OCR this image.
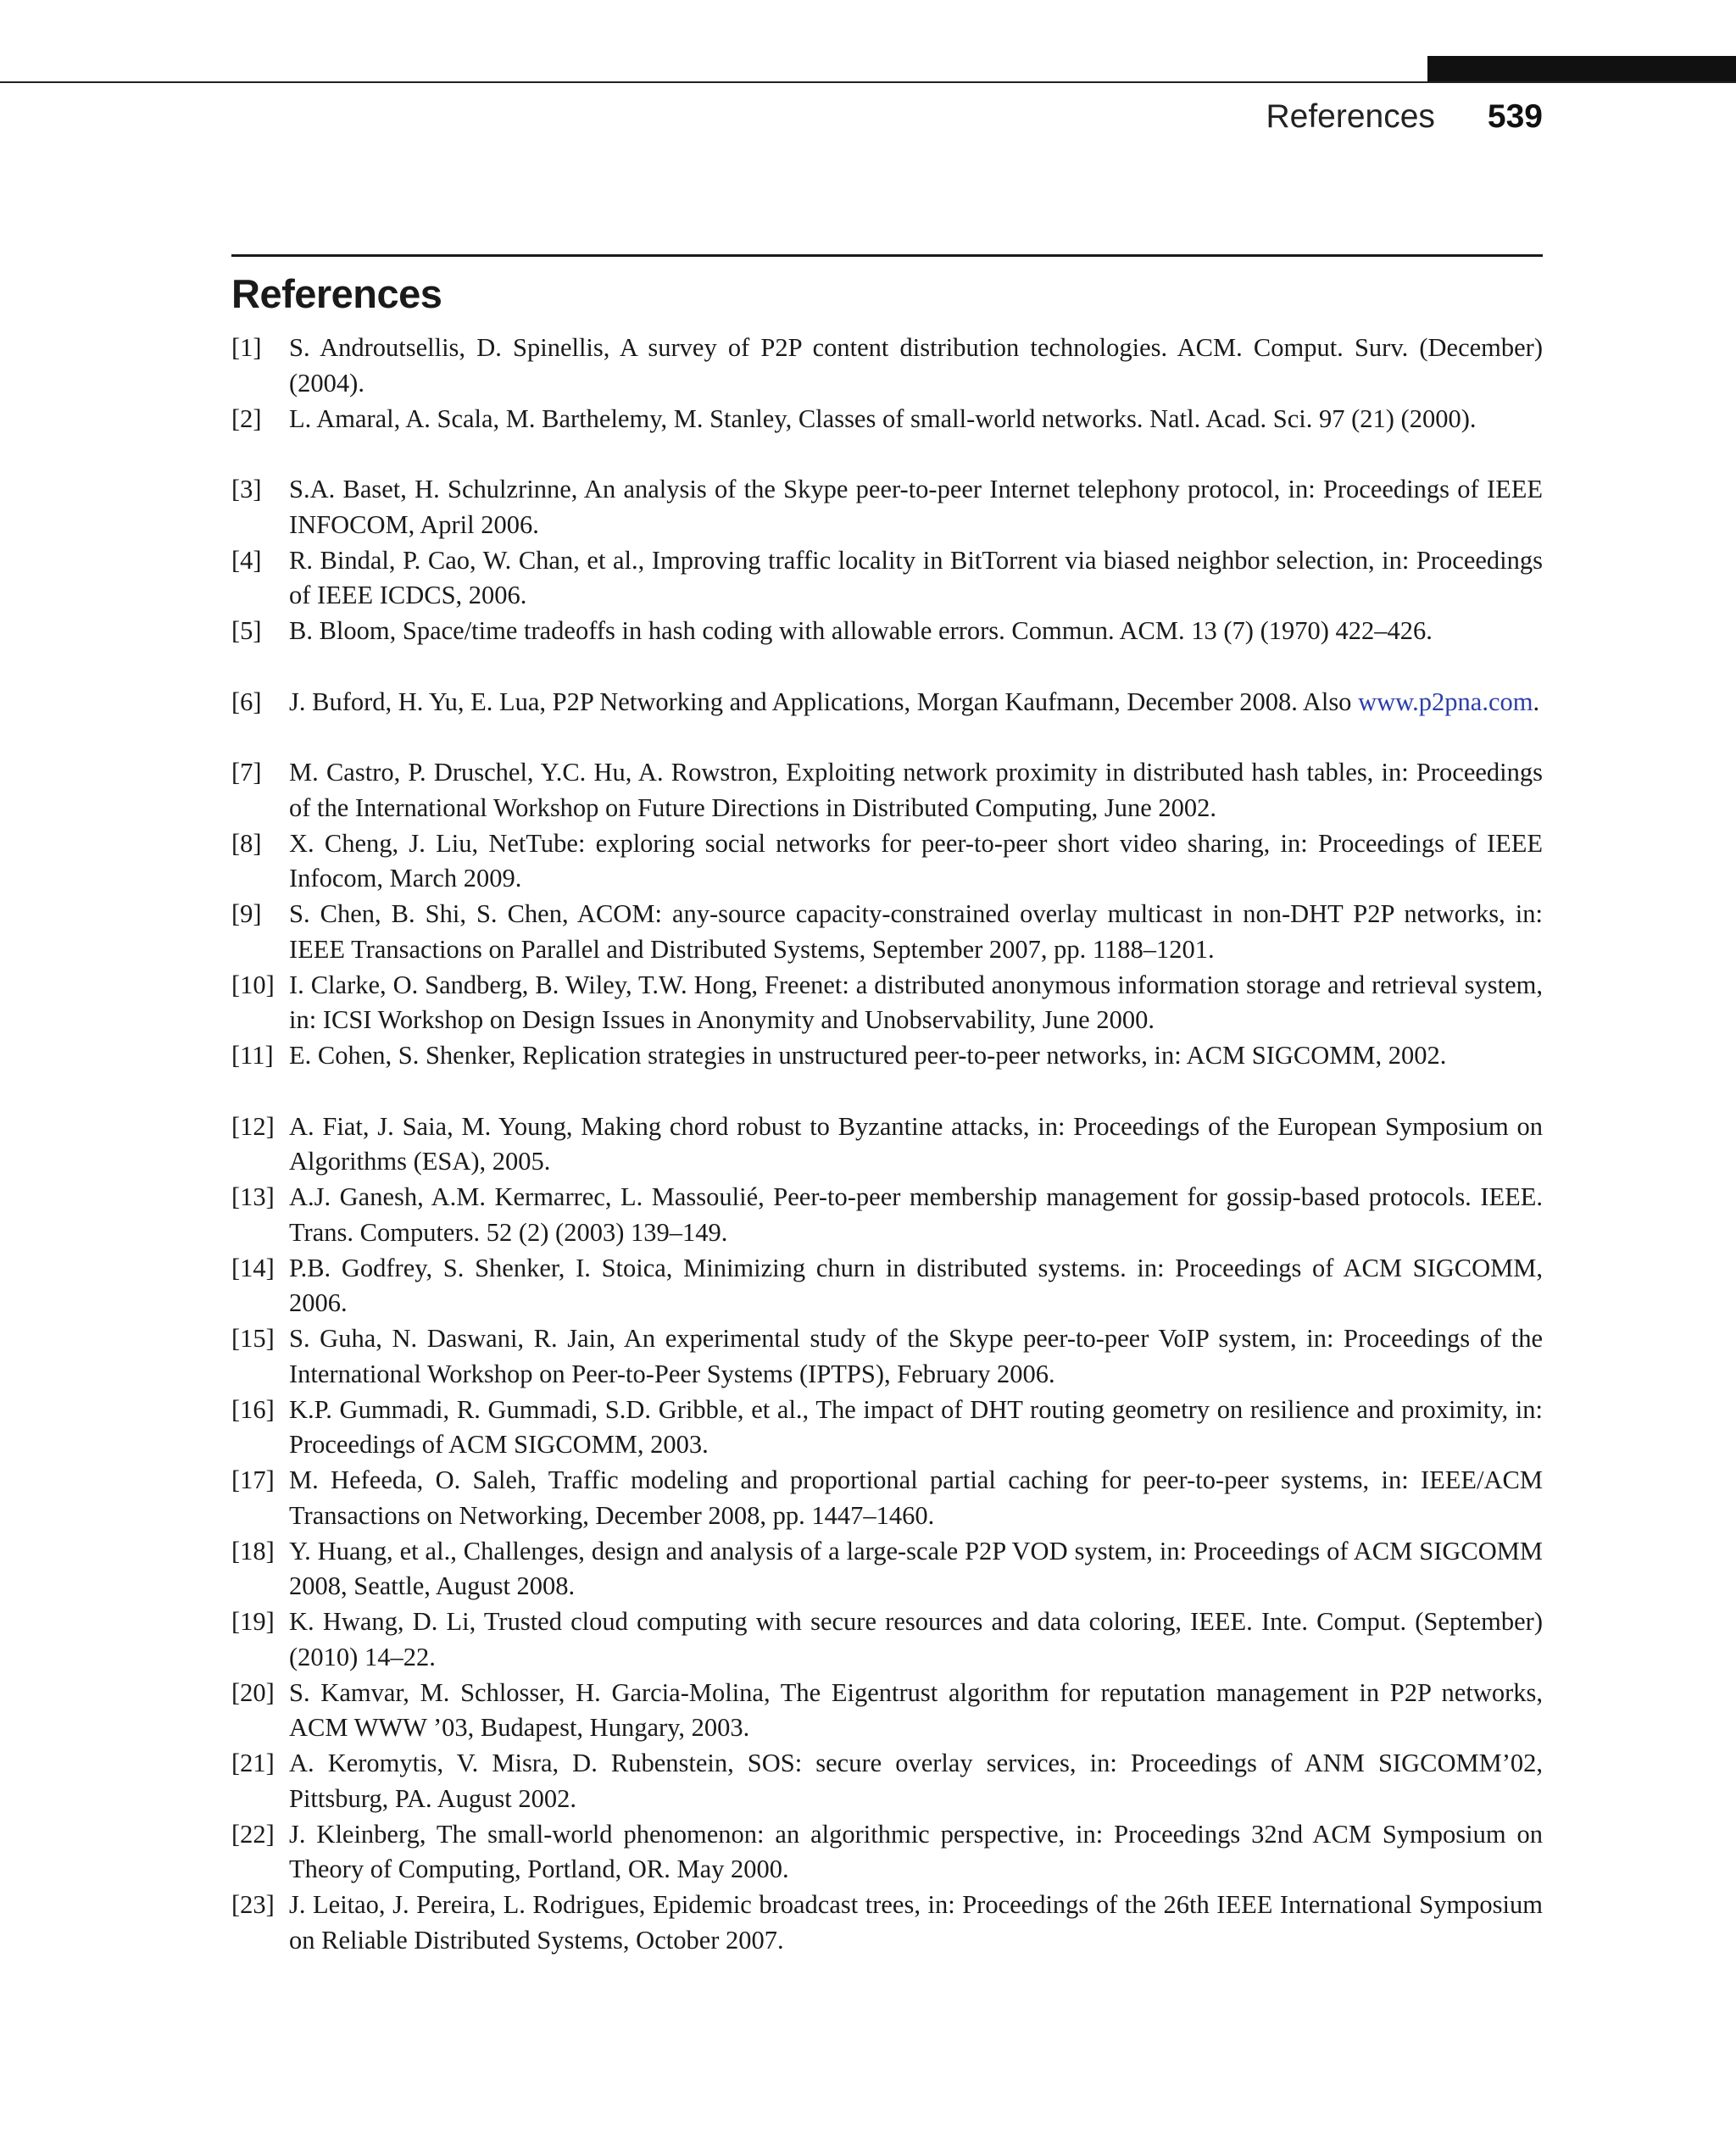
References 539
References
[1]	S. Androutsellis, D. Spinellis, A survey of P2P content distribution technologies. ACM. Comput. Surv. (December) (2004).
[2]	L. Amaral, A. Scala, M. Barthelemy, M. Stanley, Classes of small-world networks. Natl. Acad. Sci. 97 (21) (2000).
[3]	S.A. Baset, H. Schulzrinne, An analysis of the Skype peer-to-peer Internet telephony protocol, in: Proceedings of IEEE INFOCOM, April 2006.
[4]	R. Bindal, P. Cao, W. Chan, et al., Improving traffic locality in BitTorrent via biased neighbor selection, in: Proceedings of IEEE ICDCS, 2006.
[5]	B. Bloom, Space/time tradeoffs in hash coding with allowable errors. Commun. ACM. 13 (7) (1970) 422–426.
[6]	J. Buford, H. Yu, E. Lua, P2P Networking and Applications, Morgan Kaufmann, December 2008. Also www.p2pna.com.
[7]	M. Castro, P. Druschel, Y.C. Hu, A. Rowstron, Exploiting network proximity in distributed hash tables, in: Proceedings of the International Workshop on Future Directions in Distributed Computing, June 2002.
[8]	X. Cheng, J. Liu, NetTube: exploring social networks for peer-to-peer short video sharing, in: Proceedings of IEEE Infocom, March 2009.
[9]	S. Chen, B. Shi, S. Chen, ACOM: any-source capacity-constrained overlay multicast in non-DHT P2P networks, in: IEEE Transactions on Parallel and Distributed Systems, September 2007, pp. 1188–1201.
[10] I. Clarke, O. Sandberg, B. Wiley, T.W. Hong, Freenet: a distributed anonymous information storage and retrieval system, in: ICSI Workshop on Design Issues in Anonymity and Unobservability, June 2000.
[11] E. Cohen, S. Shenker, Replication strategies in unstructured peer-to-peer networks, in: ACM SIGCOMM, 2002.
[12] A. Fiat, J. Saia, M. Young, Making chord robust to Byzantine attacks, in: Proceedings of the European Symposium on Algorithms (ESA), 2005.
[13] A.J. Ganesh, A.M. Kermarrec, L. Massoulié, Peer-to-peer membership management for gossip-based protocols. IEEE. Trans. Computers. 52 (2) (2003) 139–149.
[14] P.B. Godfrey, S. Shenker, I. Stoica, Minimizing churn in distributed systems. in: Proceedings of ACM SIGCOMM, 2006.
[15] S. Guha, N. Daswani, R. Jain, An experimental study of the Skype peer-to-peer VoIP system, in: Proceedings of the International Workshop on Peer-to-Peer Systems (IPTPS), February 2006.
[16] K.P. Gummadi, R. Gummadi, S.D. Gribble, et al., The impact of DHT routing geometry on resilience and proximity, in: Proceedings of ACM SIGCOMM, 2003.
[17] M. Hefeeda, O. Saleh, Traffic modeling and proportional partial caching for peer-to-peer systems, in: IEEE/ACM Transactions on Networking, December 2008, pp. 1447–1460.
[18] Y. Huang, et al., Challenges, design and analysis of a large-scale P2P VOD system, in: Proceedings of ACM SIGCOMM 2008, Seattle, August 2008.
[19] K. Hwang, D. Li, Trusted cloud computing with secure resources and data coloring, IEEE. Inte. Comput. (September) (2010) 14–22.
[20] S. Kamvar, M. Schlosser, H. Garcia-Molina, The Eigentrust algorithm for reputation management in P2P networks, ACM WWW ’03, Budapest, Hungary, 2003.
[21] A. Keromytis, V. Misra, D. Rubenstein, SOS: secure overlay services, in: Proceedings of ANM SIGCOMM’02, Pittsburg, PA. August 2002.
[22] J. Kleinberg, The small-world phenomenon: an algorithmic perspective, in: Proceedings 32nd ACM Symposium on Theory of Computing, Portland, OR. May 2000.
[23] J. Leitao, J. Pereira, L. Rodrigues, Epidemic broadcast trees, in: Proceedings of the 26th IEEE International Symposium on Reliable Distributed Systems, October 2007.
